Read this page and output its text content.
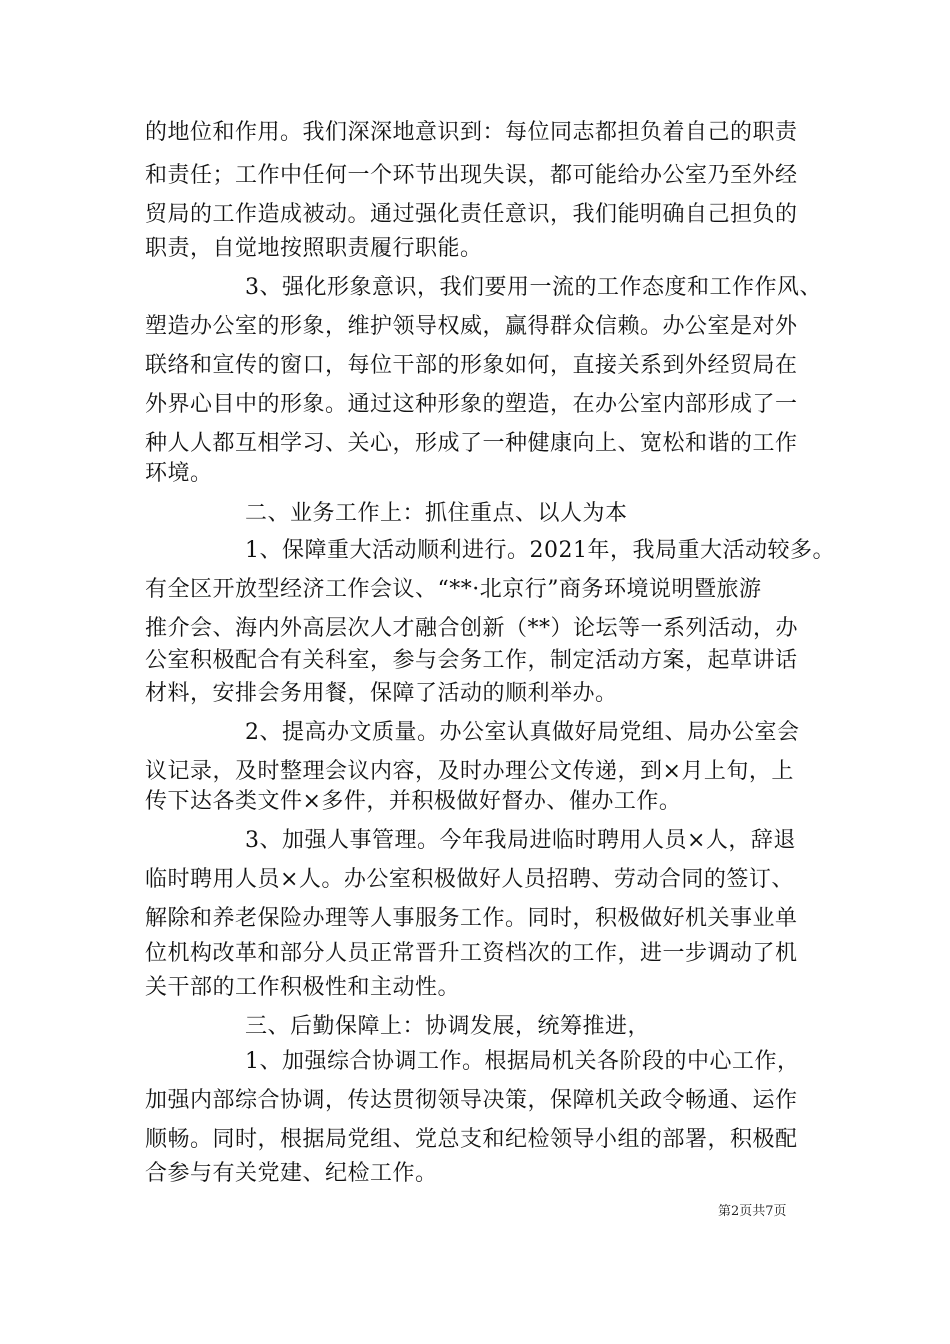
的地位和作用。我们深深地意识到：每位同志都担负着自己的职责
和责任；工作中任何一个环节出现失误，都可能给办公室乃至外经
贸局的工作造成被动。通过强化责任意识，我们能明确自己担负的
职责，自觉地按照职责履行职能。
3、强化形象意识，我们要用一流的工作态度和工作作风、
塑造办公室的形象，维护领导权威，赢得群众信赖。办公室是对外
联络和宣传的窗口，每位干部的形象如何，直接关系到外经贸局在
外界心目中的形象。通过这种形象的塑造，在办公室内部形成了一
种人人都互相学习、关心，形成了一种健康向上、宽松和谐的工作
环境。
二、业务工作上：抓住重点、以人为本
1、保障重大活动顺利进行。2021年，我局重大活动较多。
有全区开放型经济工作会议、“**·北京行”商务环境说明暨旅游
推介会、海内外高层次人才融合创新（**）论坛等一系列活动，办
公室积极配合有关科室，参与会务工作，制定活动方案，起草讲话
材料，安排会务用餐，保障了活动的顺利举办。
2、提高办文质量。办公室认真做好局党组、局办公室会
议记录，及时整理会议内容，及时办理公文传递，到×月上旬，上
传下达各类文件×多件，并积极做好督办、催办工作。
3、加强人事管理。今年我局进临时聘用人员×人，辞退
临时聘用人员×人。办公室积极做好人员招聘、劳动合同的签订、
解除和养老保险办理等人事服务工作。同时，积极做好机关事业单
位机构改革和部分人员正常晋升工资档次的工作，进一步调动了机
关干部的工作积极性和主动性。
三、后勤保障上：协调发展，统筹推进，
1、加强综合协调工作。根据局机关各阶段的中心工作，
加强内部综合协调，传达贯彻领导决策，保障机关政令畅通、运作
顺畅。同时，根据局党组、党总支和纪检领导小组的部署，积极配
合参与有关党建、纪检工作。
第2页共7页
